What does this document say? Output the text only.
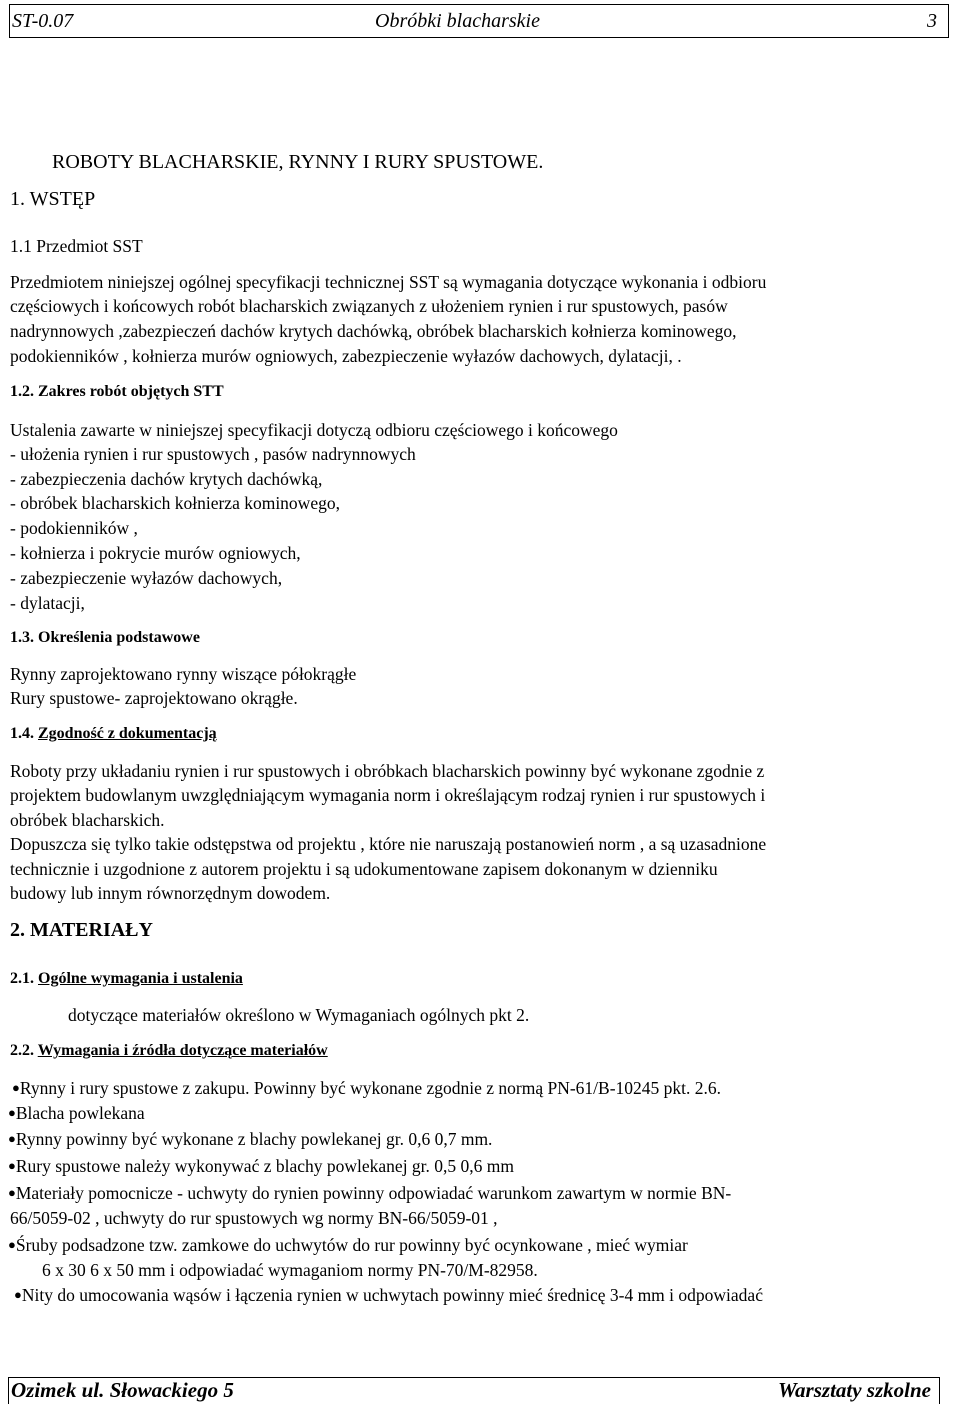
ST-0.07	Obróbki blacharskie	3
ROBOTY BLACHARSKIE, RYNNY I RURY SPUSTOWE.
1. WSTĘP
1.1 Przedmiot SST
Przedmiotem niniejszej ogólnej specyfikacji technicznej SST są wymagania dotyczące wykonania i odbioru
częściowych i końcowych robót blacharskich związanych z ułożeniem rynien i rur spustowych, pasów
nadrynnowych ,zabezpieczeń dachów krytych dachówką, obróbek blacharskich kołnierza kominowego,
podokienników , kołnierza murów ogniowych, zabezpieczenie wyłazów dachowych, dylatacji, .
1.2. Zakres robót objętych STT
Ustalenia zawarte w niniejszej specyfikacji dotyczą odbioru częściowego i końcowego
- ułożenia rynien i rur spustowych , pasów nadrynnowych
- zabezpieczenia dachów krytych dachówką,
- obróbek blacharskich kołnierza kominowego,
- podokienników ,
- kołnierza i pokrycie murów ogniowych,
- zabezpieczenie wyłazów dachowych,
- dylatacji,
1.3. Określenia podstawowe
Rynny zaprojektowano rynny wiszące półokrągłe
Rury spustowe- zaprojektowano okrągłe.
1.4. Zgodność z dokumentacją
Roboty przy układaniu rynien i rur spustowych i obróbkach blacharskich powinny być wykonane zgodnie z
projektem budowlanym uwzględniającym wymagania norm i określającym rodzaj rynien i rur spustowych i
obróbek blacharskich.
Dopuszcza się tylko takie odstępstwa od projektu , które nie naruszają postanowień norm , a są uzasadnione
technicznie i uzgodnione z autorem projektu i są udokumentowane zapisem dokonanym w dzienniku
budowy lub innym równorzędnym dowodem.
2. MATERIAŁY
2.1. Ogólne wymagania i ustalenia
dotyczące materiałów określono w Wymaganiach ogólnych pkt 2.
2.2. Wymagania i źródła dotyczące materiałów
●Rynny i rury spustowe z zakupu. Powinny być wykonane zgodnie z normą PN-61/B-10245 pkt. 2.6.
●Blacha powlekana
●Rynny powinny być wykonane z blachy powlekanej gr. 0,6 0,7 mm.
●Rury spustowe należy wykonywać z blachy powlekanej gr. 0,5 0,6 mm
●Materiały pomocnicze - uchwyty do rynien powinny odpowiadać warunkom zawartym w normie BN-
66/5059-02 , uchwyty do rur spustowych wg normy BN-66/5059-01 ,
●Śruby podsadzone tzw. zamkowe do uchwytów do rur powinny być ocynkowane , mieć wymiar
6 x 30 6 x 50 mm i odpowiadać wymaganiom normy PN-70/M-82958.
●Nity do umocowania wąsów i łączenia rynien w uchwytach powinny mieć średnicę 3-4 mm i odpowiadać
Ozimek ul. Słowackiego 5	Warsztaty szkolne
